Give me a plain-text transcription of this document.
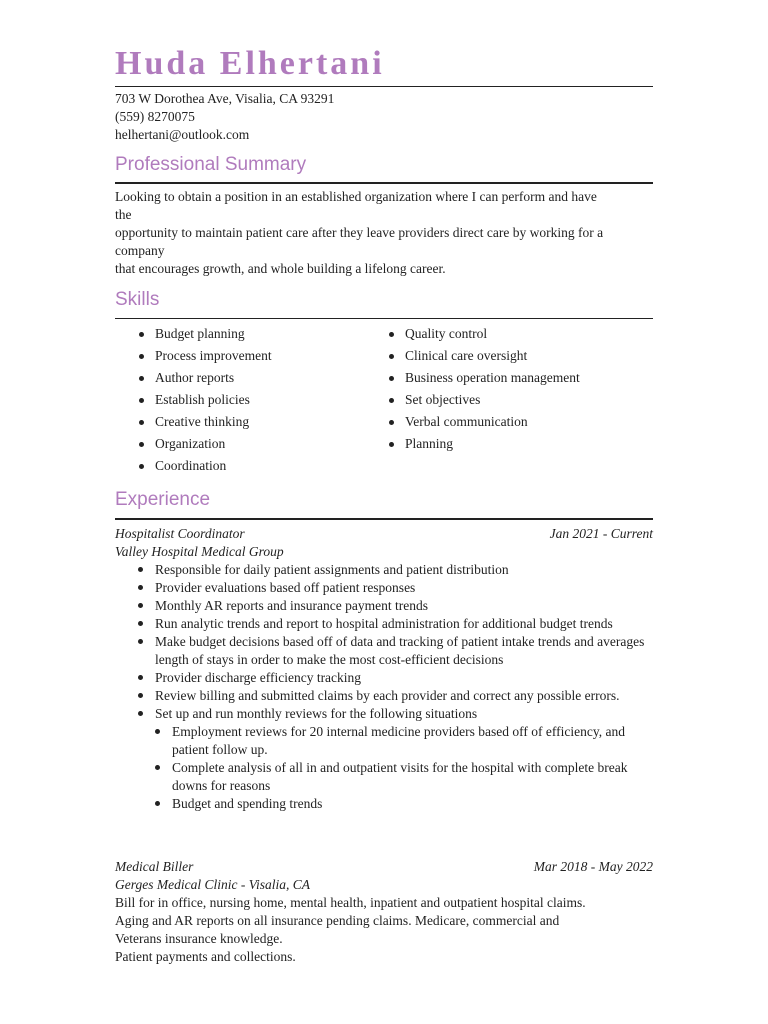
Huda Elhertani
703 W Dorothea Ave, Visalia, CA 93291
(559) 8270075
helhertani@outlook.com
Professional Summary
Looking to obtain a position in an established organization where I can perform and have
the
opportunity to maintain patient care after they leave providers direct care by working for a
company
that encourages growth, and whole building a lifelong career.
Skills
Budget planning
Process improvement
Author reports
Establish policies
Creative thinking
Organization
Coordination
Quality control
Clinical care oversight
Business operation management
Set objectives
Verbal communication
Planning
Experience
Hospitalist Coordinator	Jan 2021 - Current
Valley Hospital Medical Group
Responsible for daily patient assignments and patient distribution
Provider evaluations based off patient responses
Monthly AR reports and insurance payment trends
Run analytic trends and report to hospital administration for additional budget trends
Make budget decisions based off of data and tracking of patient intake trends and averages length of stays in order to make the most cost-efficient decisions
Provider discharge efficiency tracking
Review billing and submitted claims by each provider and correct any possible errors.
Set up and run monthly reviews for the following situations
Employment reviews for 20 internal medicine providers based off of efficiency, and patient follow up.
Complete analysis of all in and outpatient visits for the hospital with complete break downs for reasons
Budget and spending trends
Medical Biller	Mar 2018 - May 2022
Gerges Medical Clinic - Visalia, CA
Bill for in office, nursing home, mental health, inpatient and outpatient hospital claims.
Aging and AR reports on all insurance pending claims. Medicare, commercial and
Veterans insurance knowledge.
Patient payments and collections.
